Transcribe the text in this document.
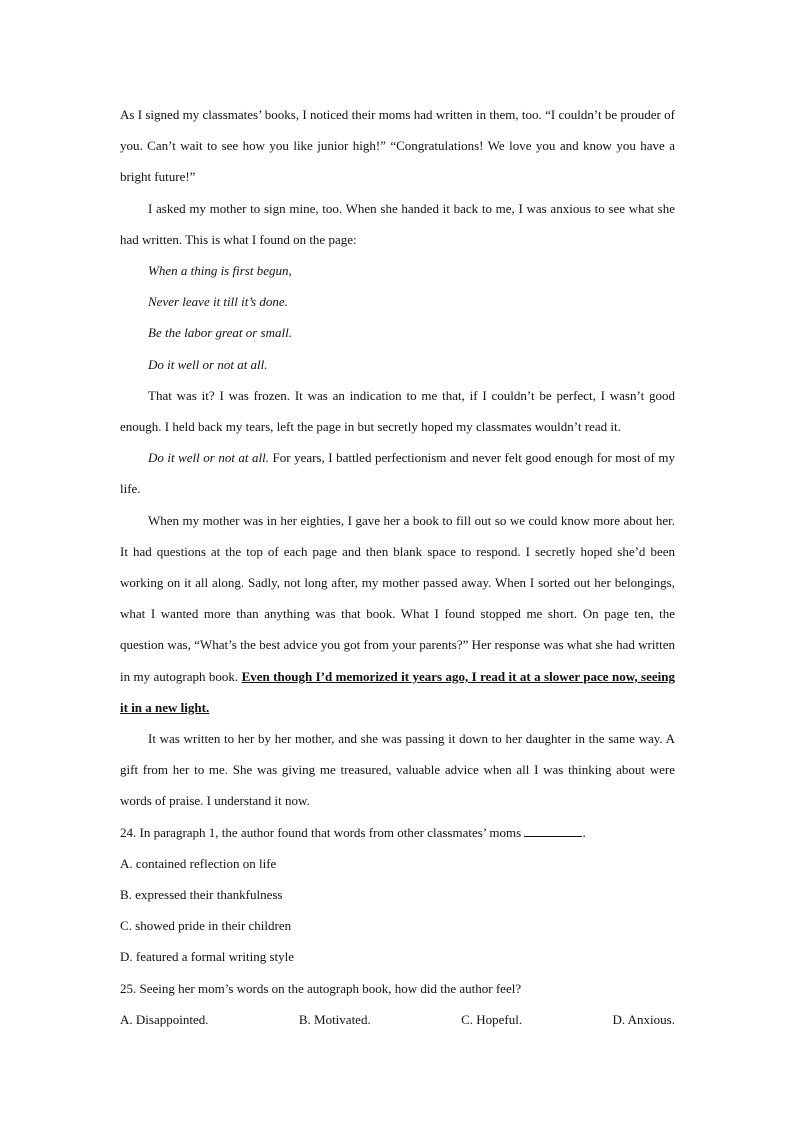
As I signed my classmates’ books, I noticed their moms had written in them, too. “I couldn’t be prouder of you. Can’t wait to see how you like junior high!” “Congratulations! We love you and know you have a bright future!”

I asked my mother to sign mine, too. When she handed it back to me, I was anxious to see what she had written. This is what I found on the page:

When a thing is first begun,

Never leave it till it’s done.

Be the labor great or small.

Do it well or not at all.

That was it? I was frozen. It was an indication to me that, if I couldn’t be perfect, I wasn’t good enough. I held back my tears, left the page in but secretly hoped my classmates wouldn’t read it.

Do it well or not at all. For years, I battled perfectionism and never felt good enough for most of my life.

When my mother was in her eighties, I gave her a book to fill out so we could know more about her. It had questions at the top of each page and then blank space to respond. I secretly hoped she’d been working on it all along. Sadly, not long after, my mother passed away. When I sorted out her belongings, what I wanted more than anything was that book. What I found stopped me short. On page ten, the question was, “What’s the best advice you got from your parents?” Her response was what she had written in my autograph book. Even though I’d memorized it years ago, I read it at a slower pace now, seeing it in a new light.

It was written to her by her mother, and she was passing it down to her daughter in the same way. A gift from her to me. She was giving me treasured, valuable advice when all I was thinking about were words of praise. I understand it now.

24. In paragraph 1, the author found that words from other classmates’ moms	.

A. contained reflection on life

B. expressed their thankfulness

C. showed pride in their children

D. featured a formal writing style

25. Seeing her mom’s words on the autograph book, how did the author feel?

A. Disappointed.	B. Motivated.	C. Hopeful.	D. Anxious.
